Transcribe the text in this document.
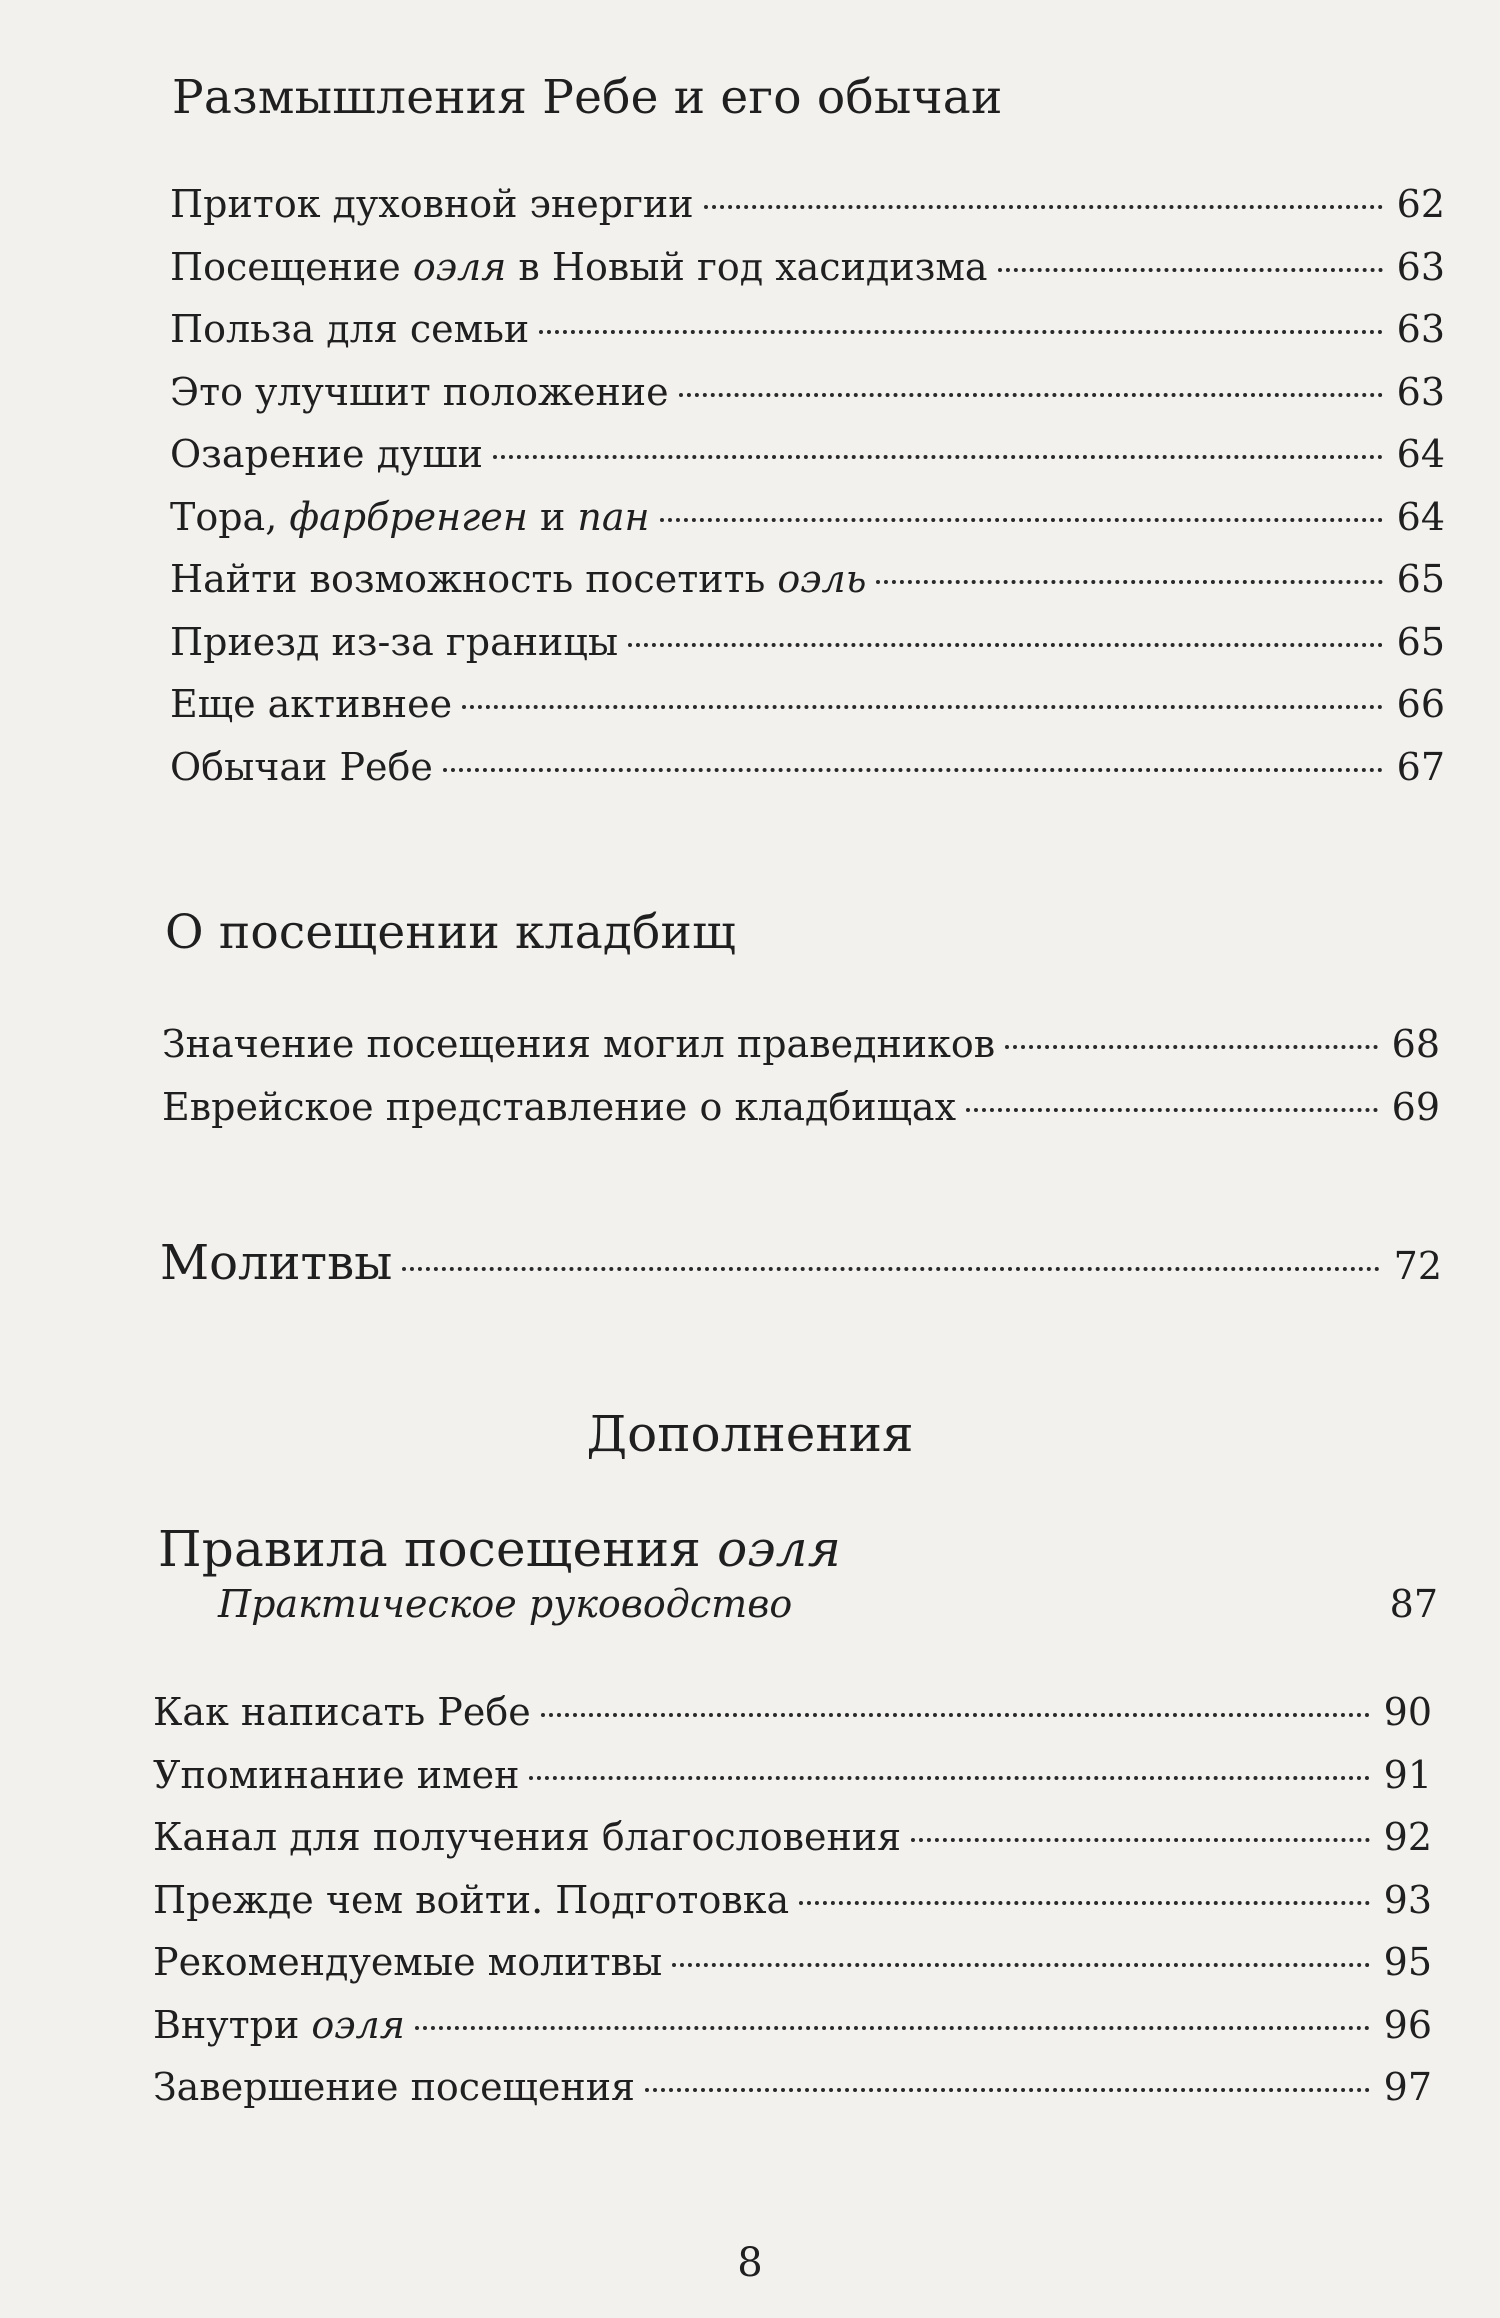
Размышления Ребе и его обычаи
Приток духовной энергии	62
Посещение оэля в Новый год хасидизма	63
Польза для семьи	63
Это улучшит положение	63
Озарение души	64
Тора, фарбренген и пан	64
Найти возможность посетить оэль	65
Приезд из-за границы	65
Еще активнее	66
Обычаи Ребе	67
О посещении кладбищ
Значение посещения могил праведников	68
Еврейское представление о кладбищах	69
Молитвы	72
Дополнения
Правила посещения оэля
Практическое руководство	87
Как написать Ребе	90
Упоминание имен	91
Канал для получения благословения	92
Прежде чем войти. Подготовка	93
Рекомендуемые молитвы	95
Внутри оэля	96
Завершение посещения	97
8
